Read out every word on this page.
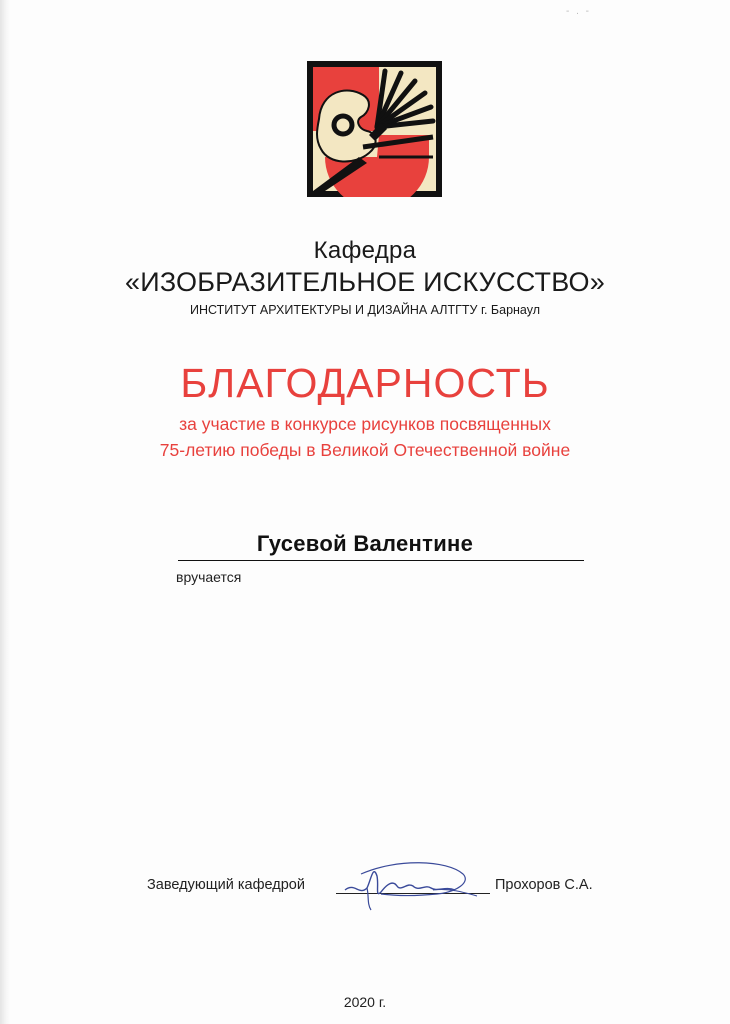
- . -
Кафедра
«ИЗОБРАЗИТЕЛЬНОЕ ИСКУССТВО»
ИНСТИТУТ АРХИТЕКТУРЫ И ДИЗАЙНА АЛТГТУ г. Барнаул
БЛАГОДАРНОСТЬ
за участие в конкурсе рисунков посвященных
75-летию победы в Великой Отечественной войне
Гусевой Валентине
вручается
Заведующий кафедрой	Прохоров С.А.
2020 г.
